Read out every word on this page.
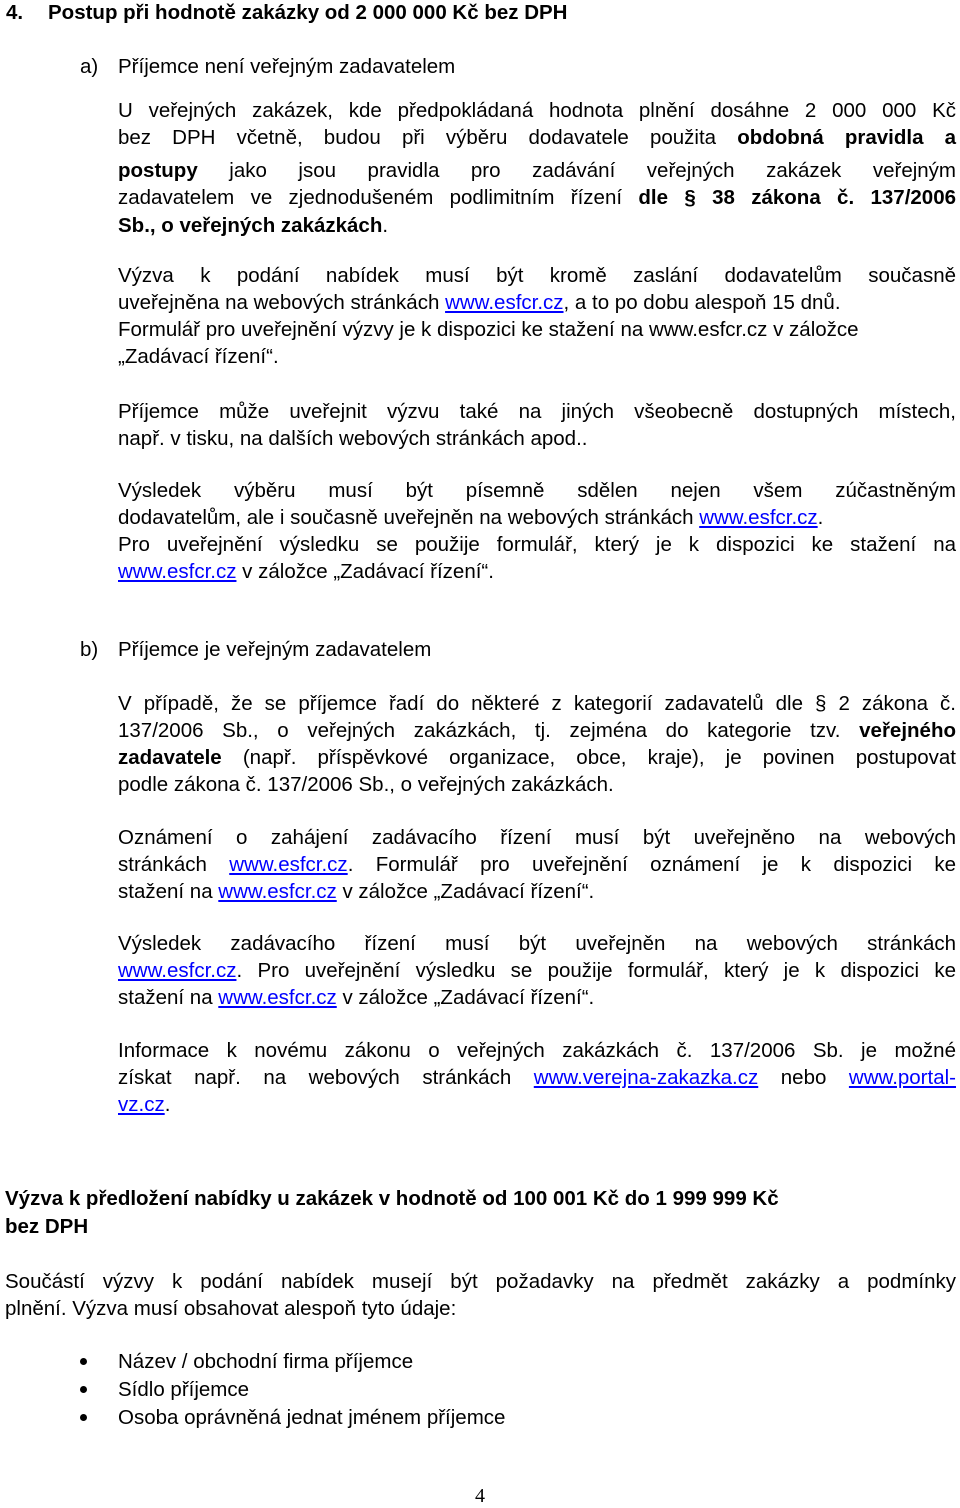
4. Postup při hodnotě zakázky od 2 000 000 Kč bez DPH
a) Příjemce není veřejným zadavatelem
U veřejných zakázek, kde předpokládaná hodnota plnění dosáhne 2 000 000 Kč
bez DPH včetně, budou při výběru dodavatele použita obdobná pravidla a
postupy jako jsou pravidla pro zadávání veřejných zakázek veřejným
zadavatelem ve zjednodušeném podlimitním řízení dle § 38 zákona č. 137/2006
Sb., o veřejných zakázkách.
Výzva k podání nabídek musí být kromě zaslání dodavatelům současně
uveřejněna na webových stránkách www.esfcr.cz, a to po dobu alespoň 15 dnů.
Formulář pro uveřejnění výzvy je k dispozici ke stažení na www.esfcr.cz v záložce
„Zadávací řízení“.
Příjemce může uveřejnit výzvu také na jiných všeobecně dostupných místech,
např. v tisku, na dalších webových stránkách apod..
Výsledek výběru musí být písemně sdělen nejen všem zúčastněným
dodavatelům, ale i současně uveřejněn na webových stránkách www.esfcr.cz.
Pro uveřejnění výsledku se použije formulář, který je k dispozici ke stažení na
www.esfcr.cz v záložce „Zadávací řízení“.
b) Příjemce je veřejným zadavatelem
V případě, že se příjemce řadí do některé z kategorií zadavatelů dle § 2 zákona č.
137/2006 Sb., o veřejných zakázkách, tj. zejména do kategorie tzv. veřejného
zadavatele (např. příspěvkové organizace, obce, kraje), je povinen postupovat
podle zákona č. 137/2006 Sb., o veřejných zakázkách.
Oznámení o zahájení zadávacího řízení musí být uveřejněno na webových
stránkách www.esfcr.cz. Formulář pro uveřejnění oznámení je k dispozici ke
stažení na www.esfcr.cz v záložce „Zadávací řízení“.
Výsledek zadávacího řízení musí být uveřejněn na webových stránkách
www.esfcr.cz. Pro uveřejnění výsledku se použije formulář, který je k dispozici ke
stažení na www.esfcr.cz v záložce „Zadávací řízení“.
Informace k novému zákonu o veřejných zakázkách č. 137/2006 Sb. je možné
získat např. na webových stránkách www.verejna-zakazka.cz nebo www.portal-
vz.cz.
Výzva k předložení nabídky u zakázek v hodnotě od 100 001 Kč do 1 999 999 Kč
bez DPH
Součástí výzvy k podání nabídek musejí být požadavky na předmět zakázky a podmínky
plnění. Výzva musí obsahovat alespoň tyto údaje:
Název / obchodní firma příjemce
Sídlo příjemce
Osoba oprávněná jednat jménem příjemce
4
